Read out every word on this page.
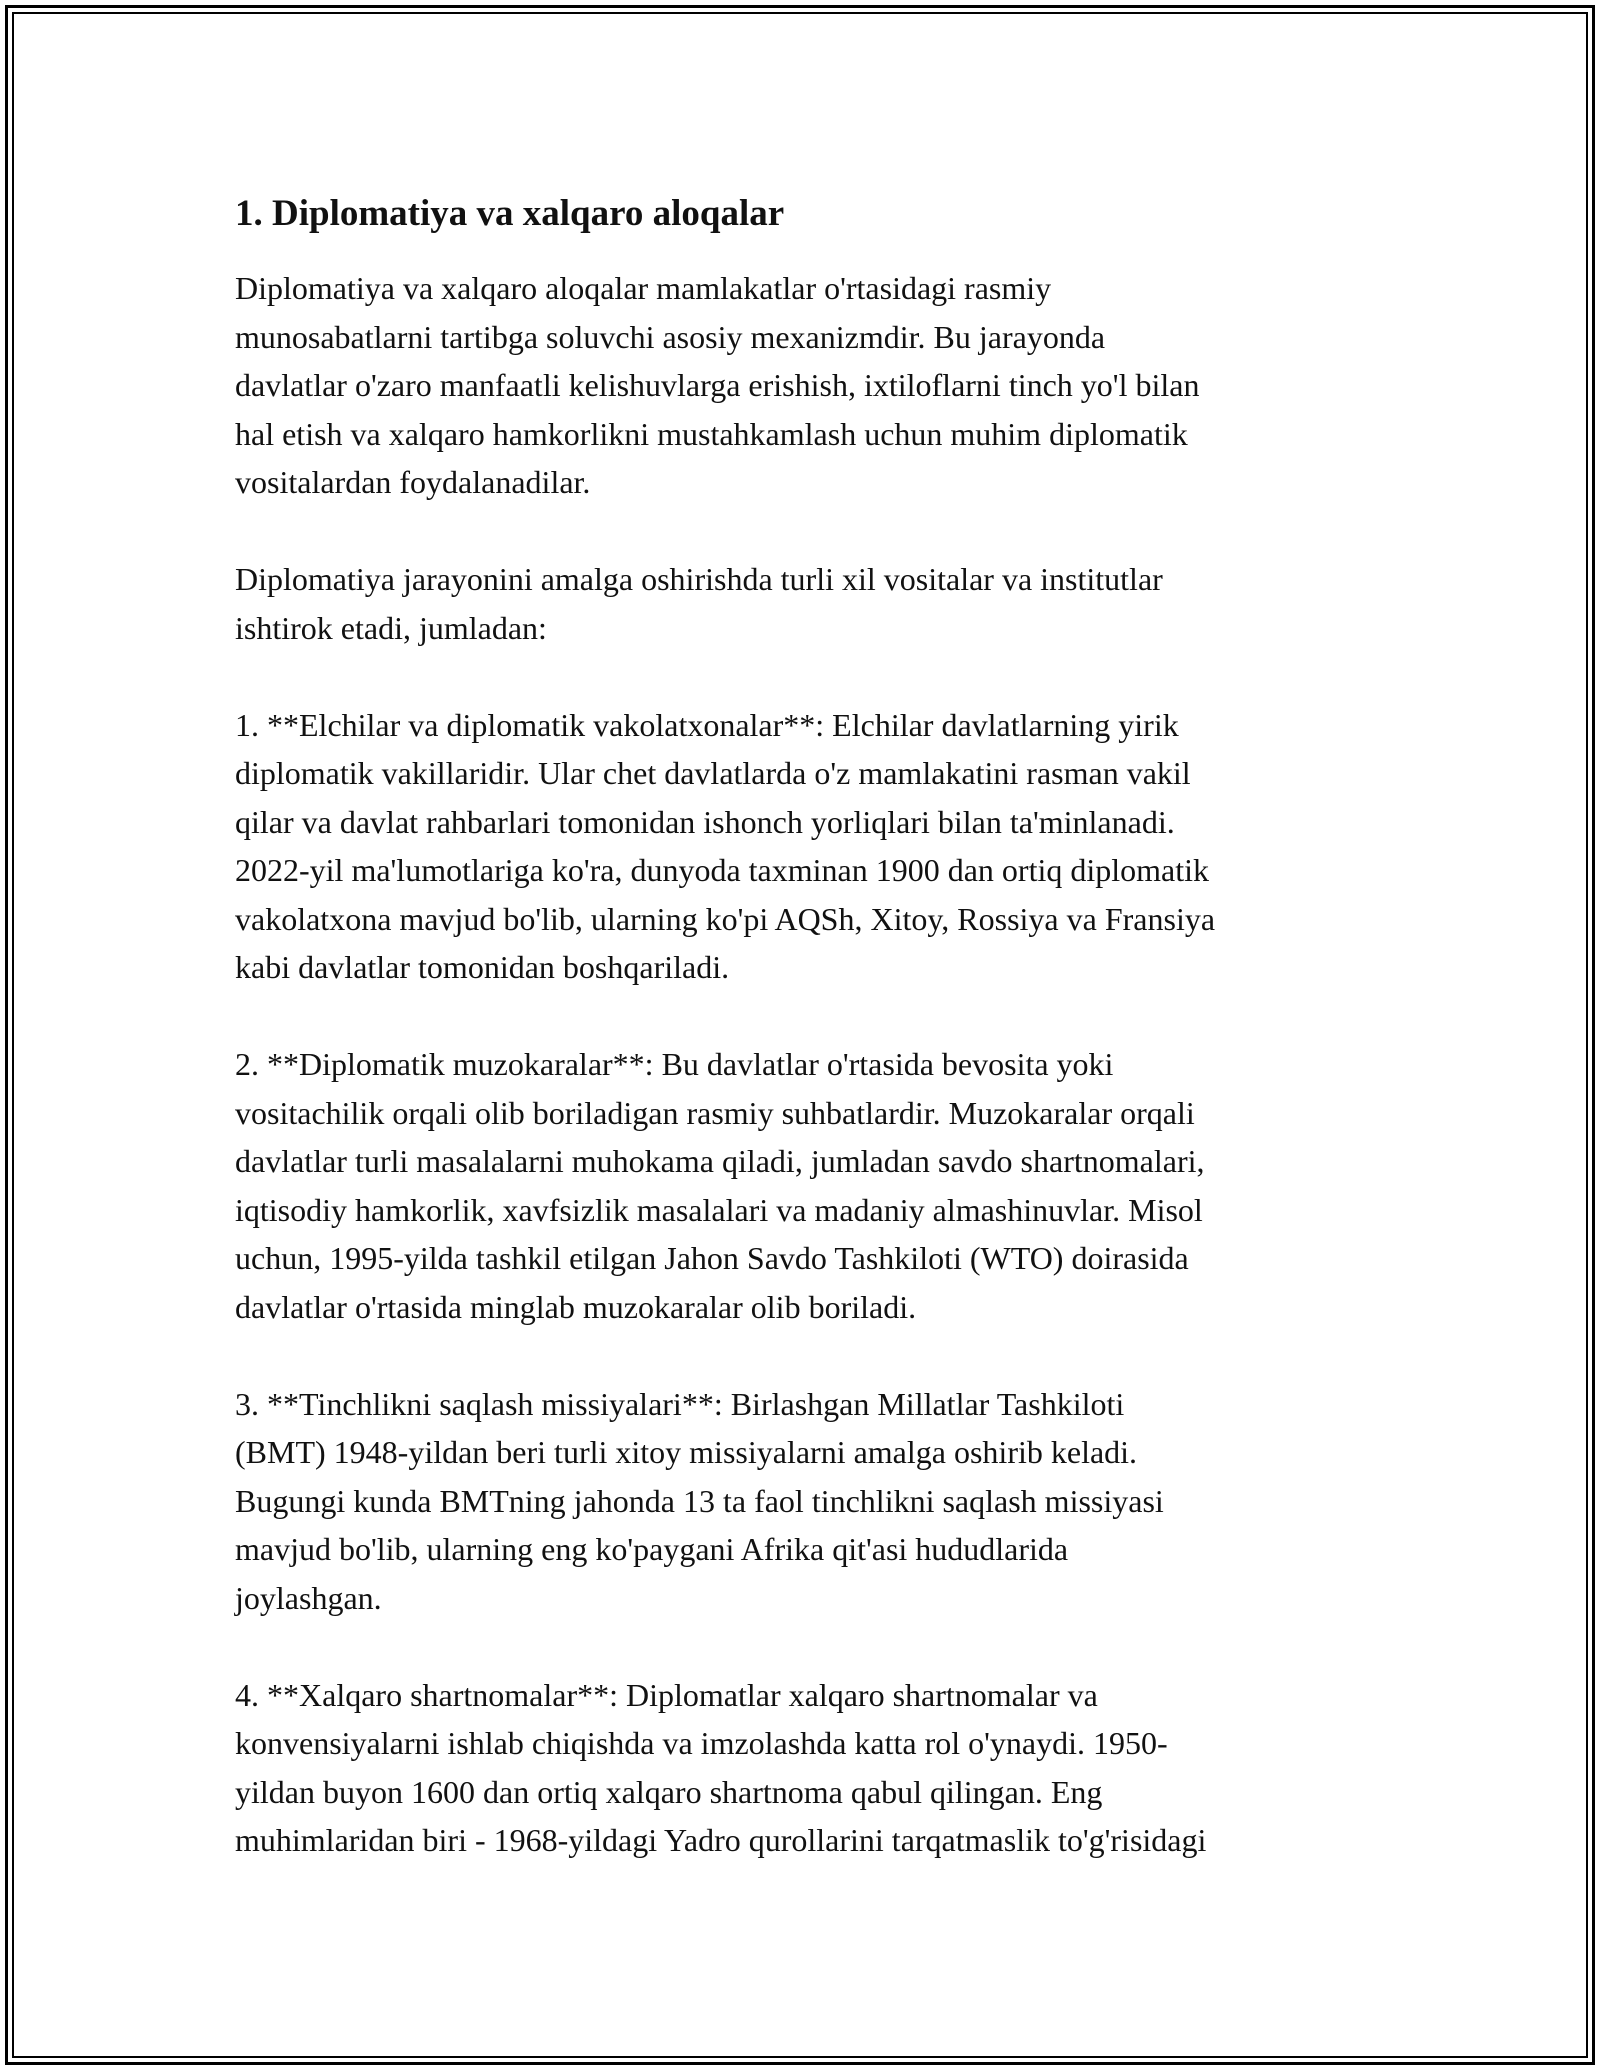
1. Diplomatiya va xalqaro aloqalar
Diplomatiya va xalqaro aloqalar mamlakatlar o'rtasidagi rasmiy
munosabatlarni tartibga soluvchi asosiy mexanizmdir. Bu jarayonda
davlatlar o'zaro manfaatli kelishuvlarga erishish, ixtiloflarni tinch yo'l bilan
hal etish va xalqaro hamkorlikni mustahkamlash uchun muhim diplomatik
vositalardan foydalanadilar.
Diplomatiya jarayonini amalga oshirishda turli xil vositalar va institutlar
ishtirok etadi, jumladan:
1. **Elchilar va diplomatik vakolatxonalar**: Elchilar davlatlarning yirik
diplomatik vakillaridir. Ular chet davlatlarda o'z mamlakatini rasman vakil
qilar va davlat rahbarlari tomonidan ishonch yorliqlari bilan ta'minlanadi.
2022-yil ma'lumotlariga ko'ra, dunyoda taxminan 1900 dan ortiq diplomatik
vakolatxona mavjud bo'lib, ularning ko'pi AQSh, Xitoy, Rossiya va Fransiya
kabi davlatlar tomonidan boshqariladi.
2. **Diplomatik muzokaralar**: Bu davlatlar o'rtasida bevosita yoki
vositachilik orqali olib boriladigan rasmiy suhbatlardir. Muzokaralar orqali
davlatlar turli masalalarni muhokama qiladi, jumladan savdo shartnomalari,
iqtisodiy hamkorlik, xavfsizlik masalalari va madaniy almashinuvlar. Misol
uchun, 1995-yilda tashkil etilgan Jahon Savdo Tashkiloti (WTO) doirasida
davlatlar o'rtasida minglab muzokaralar olib boriladi.
3. **Tinchlikni saqlash missiyalari**: Birlashgan Millatlar Tashkiloti
(BMT) 1948-yildan beri turli xitoy missiyalarni amalga oshirib keladi.
Bugungi kunda BMTning jahonda 13 ta faol tinchlikni saqlash missiyasi
mavjud bo'lib, ularning eng ko'paygani Afrika qit'asi hududlarida
joylashgan.
4. **Xalqaro shartnomalar**: Diplomatlar xalqaro shartnomalar va
konvensiyalarni ishlab chiqishda va imzolashda katta rol o'ynaydi. 1950-
yildan buyon 1600 dan ortiq xalqaro shartnoma qabul qilingan. Eng
muhimlaridan biri - 1968-yildagi Yadro qurollarini tarqatmaslik to'g'risidagi
